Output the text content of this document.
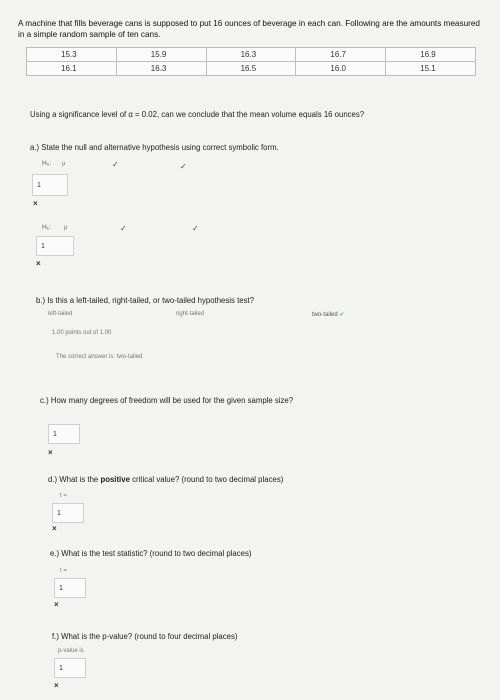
A machine that fills beverage cans is supposed to put 16 ounces of beverage in each can. Following are the amounts measured in a simple random sample of ten cans.
15.3	15.9	16.3	16.7	16.9
16.1	16.3	16.5	16.0	15.1
Using a significance level of α = 0.02, can we conclude that the mean volume equals 16 ounces?
a.) State the null and alternative hypothesis using correct symbolic form.
H₀: μ	✓	✓
1
×
H₁: μ	✓	✓
1
×
b.) Is this a left-tailed, right-tailed, or two-tailed hypothesis test?
left-tailed	right-tailed	two-tailed ✓
1.00 points out of 1.00
The correct answer is: two-tailed
c.) How many degrees of freedom will be used for the given sample size?
1
×
d.) What is the positive critical value? (round to two decimal places)
t =
1
×
e.) What is the test statistic? (round to two decimal places)
t =
1
×
f.) What is the p-value? (round to four decimal places)
p-value is
1
×
